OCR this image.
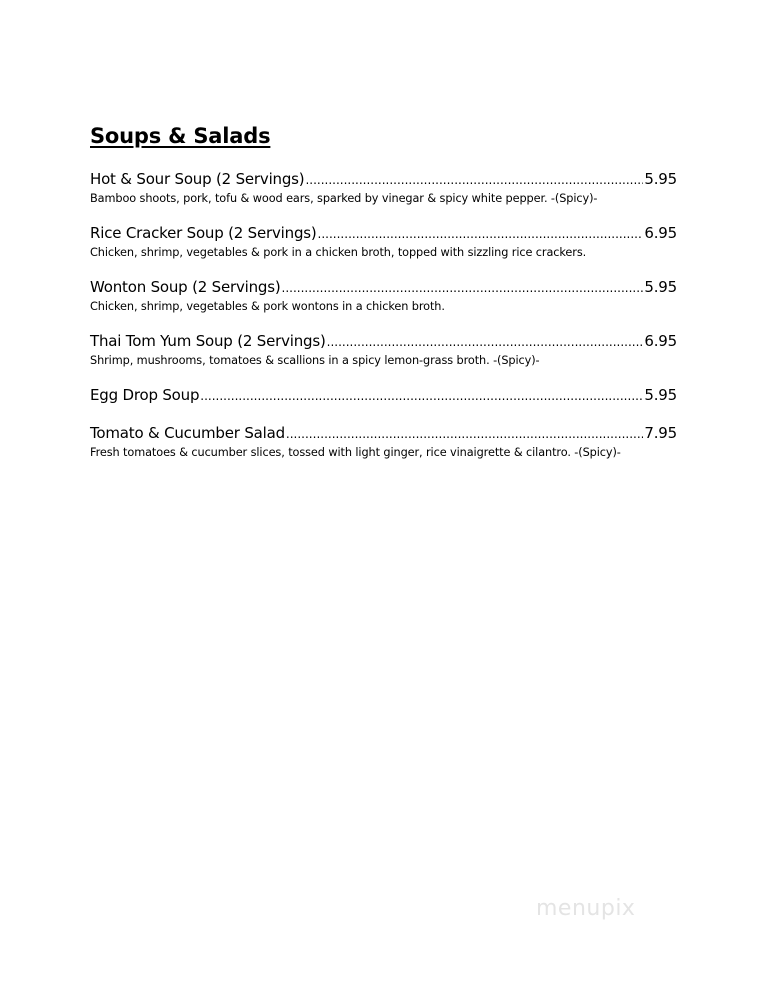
Soups & Salads
Hot & Sour Soup (2 Servings) .....	5.95
Bamboo shoots, pork, tofu & wood ears, sparked by vinegar & spicy white pepper. -(Spicy)-
Rice Cracker Soup (2 Servings) .....	6.95
Chicken, shrimp, vegetables & pork in a chicken broth, topped with sizzling rice crackers.
Wonton Soup (2 Servings) .....	5.95
Chicken, shrimp, vegetables & pork wontons in a chicken broth.
Thai Tom Yum Soup (2 Servings) .....	6.95
Shrimp, mushrooms, tomatoes & scallions in a spicy lemon-grass broth. -(Spicy)-
Egg Drop Soup .....	5.95
Tomato & Cucumber Salad .....	7.95
Fresh tomatoes & cucumber slices, tossed with light ginger, rice vinaigrette & cilantro. -(Spicy)-
menupix
